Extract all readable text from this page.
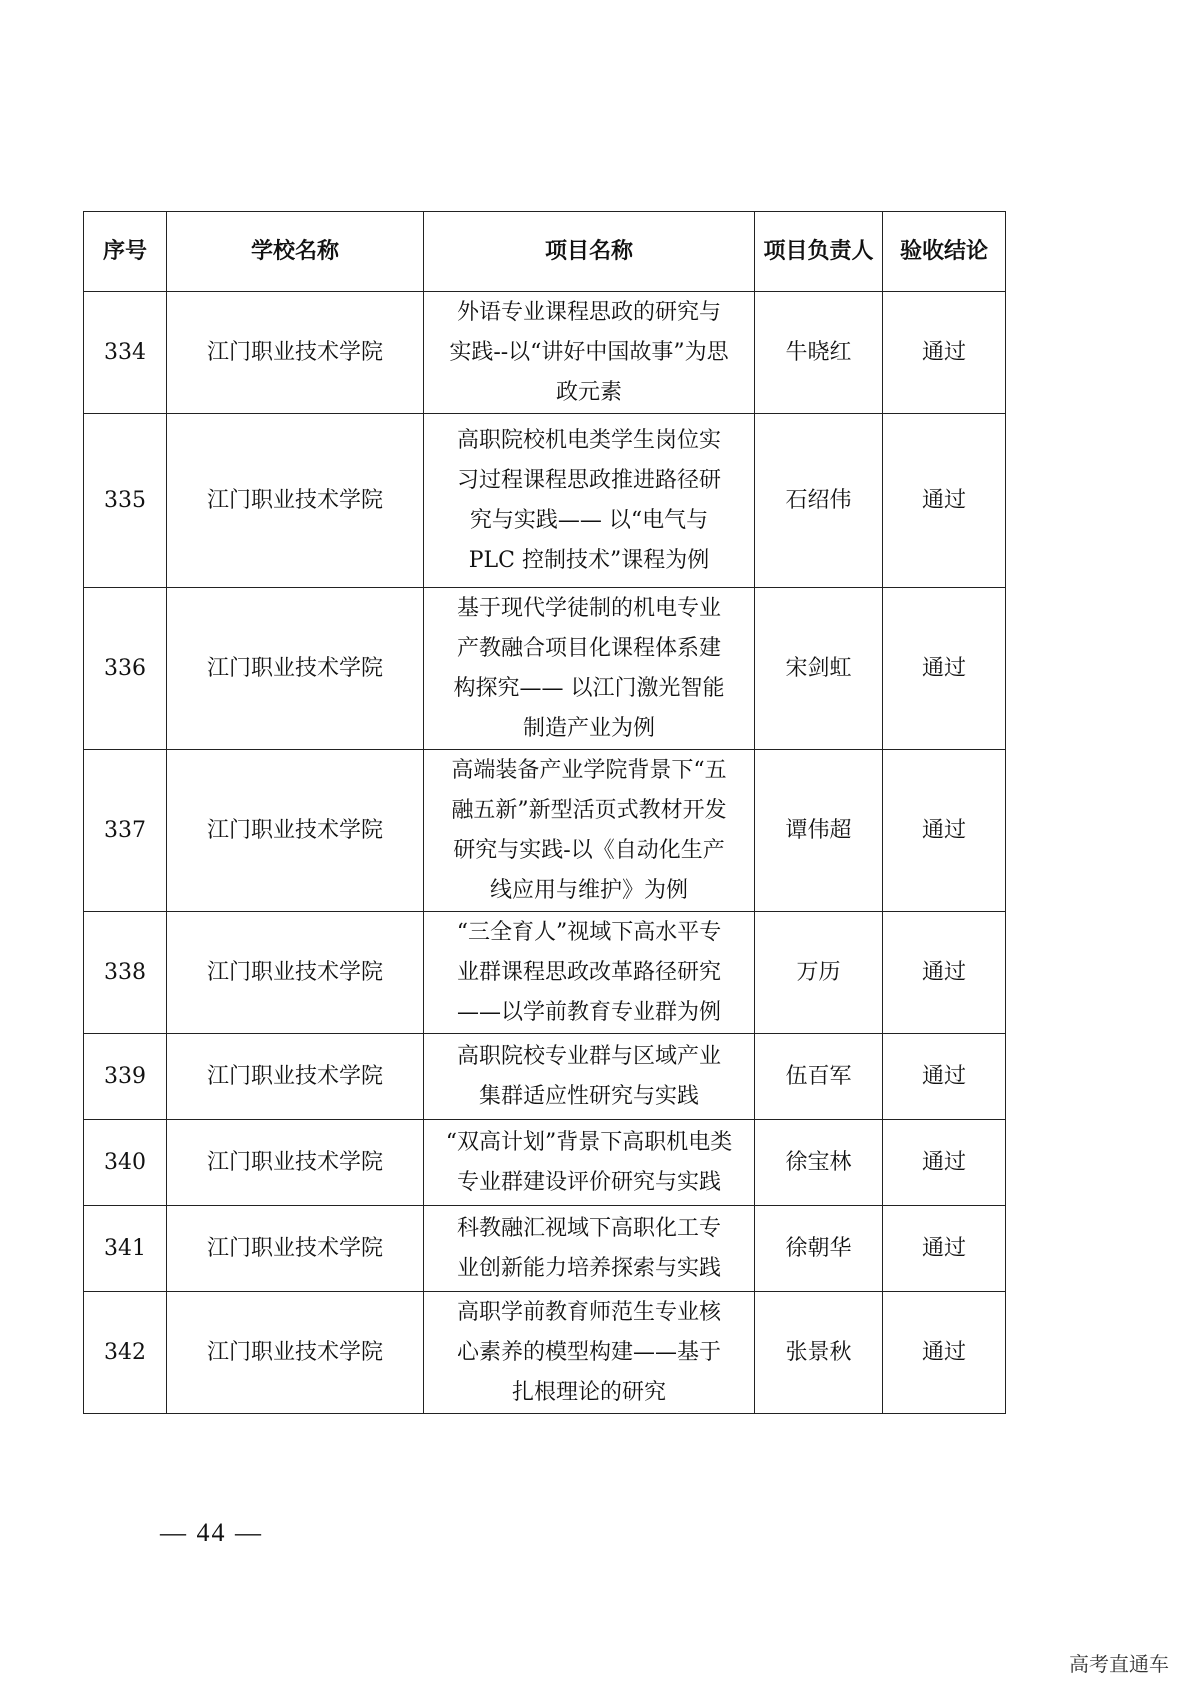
序号	学校名称	项目名称	项目负责人	验收结论
334	江门职业技术学院	外语专业课程思政的研究与
实践--以“讲好中国故事”为思
政元素	牛晓红	通过
335	江门职业技术学院	高职院校机电类学生岗位实
习过程课程思政推进路径研
究与实践—— 以“电气与
PLC 控制技术”课程为例	石绍伟	通过
336	江门职业技术学院	基于现代学徒制的机电专业
产教融合项目化课程体系建
构探究—— 以江门激光智能
制造产业为例	宋剑虹	通过
337	江门职业技术学院	高端装备产业学院背景下“五
融五新”新型活页式教材开发
研究与实践-以《自动化生产
线应用与维护》为例	谭伟超	通过
338	江门职业技术学院	“三全育人”视域下高水平专
业群课程思政改革路径研究
——以学前教育专业群为例	万历	通过
339	江门职业技术学院	高职院校专业群与区域产业
集群适应性研究与实践	伍百军	通过
340	江门职业技术学院	“双高计划”背景下高职机电类
专业群建设评价研究与实践	徐宝林	通过
341	江门职业技术学院	科教融汇视域下高职化工专
业创新能力培养探索与实践	徐朝华	通过
342	江门职业技术学院	高职学前教育师范生专业核
心素养的模型构建——基于
扎根理论的研究	张景秋	通过
— 44 —
高考直通车
